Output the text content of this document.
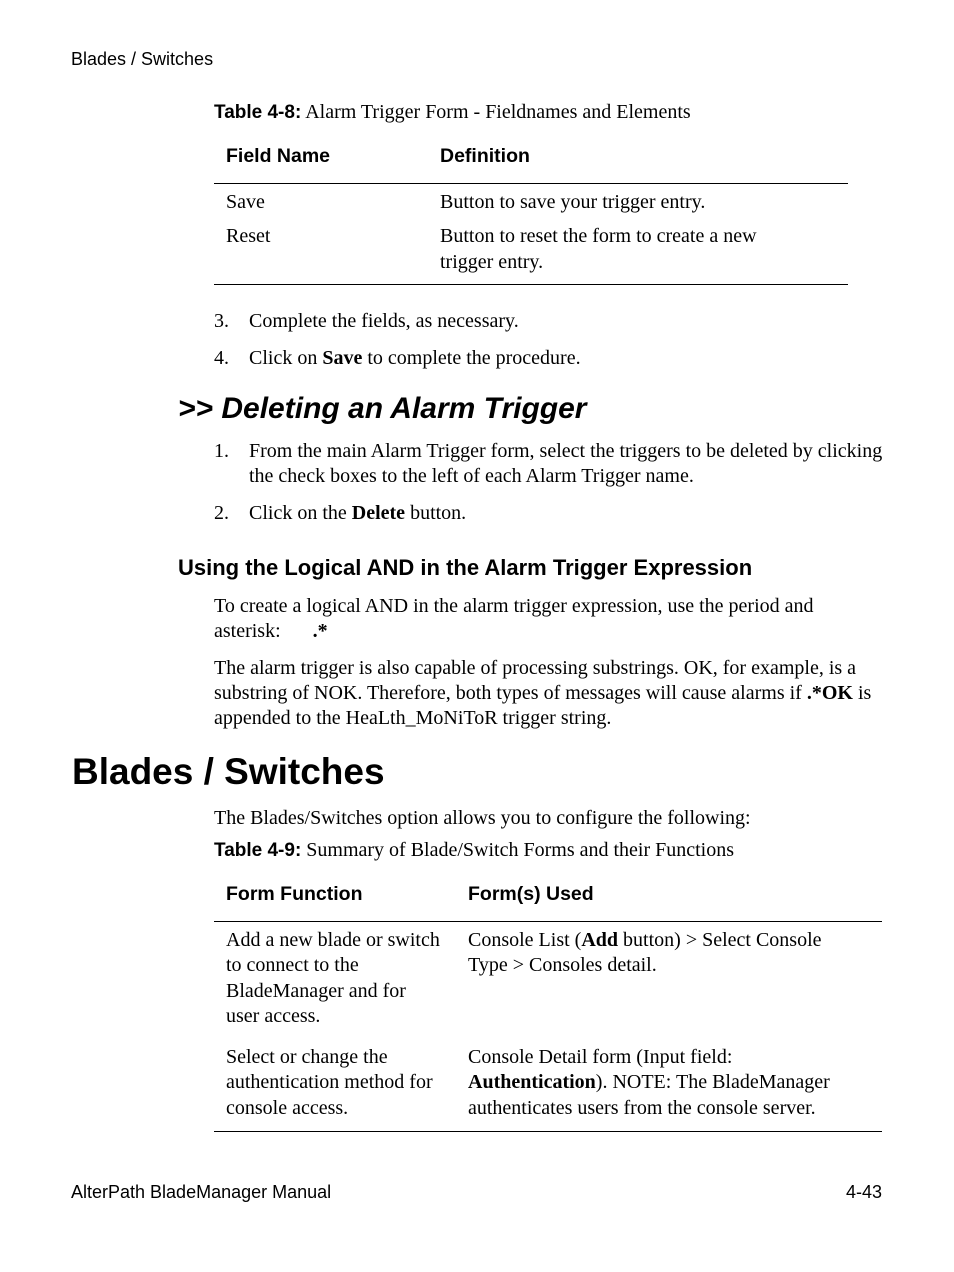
Blades / Switches
Table 4-8: Alarm Trigger Form - Fieldnames and Elements
Field Name	Definition
Save	Button to save your trigger entry.
Reset	Button to reset the form to create a new trigger entry.
3. Complete the fields, as necessary.
4. Click on Save to complete the procedure.
>> Deleting an Alarm Trigger
1. From the main Alarm Trigger form, select the triggers to be deleted by clicking the check boxes to the left of each Alarm Trigger name.
2. Click on the Delete button.
Using the Logical AND in the Alarm Trigger Expression
To create a logical AND in the alarm trigger expression, use the period and asterisk: .*
The alarm trigger is also capable of processing substrings. OK, for example, is a substring of NOK. Therefore, both types of messages will cause alarms if .*OK is appended to the HeaLth_MoNiToR trigger string.
Blades / Switches
The Blades/Switches option allows you to configure the following:
Table 4-9: Summary of Blade/Switch Forms and their Functions
Form Function	Form(s) Used
Add a new blade or switch to connect to the BladeManager and for user access.	Console List (Add button) > Select Console Type > Consoles detail.
Select or change the authentication method for console access.	Console Detail form (Input field: Authentication). NOTE: The BladeManager authenticates users from the console server.
AlterPath BladeManager Manual	4-43
